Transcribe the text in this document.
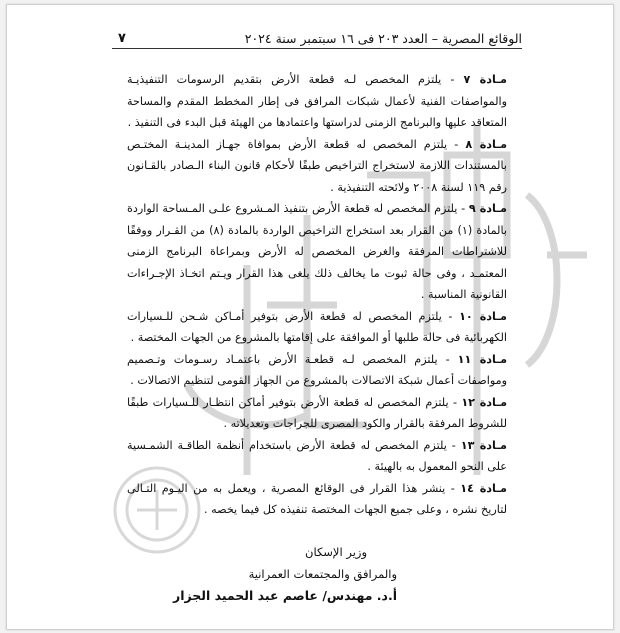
الوقائع المصرية – العدد ٢٠٣ فى ١٦ سبتمبر سنة ٢٠٢٤
٧

مـادة ٧ - يلتزم المخصص لـه قطعة الأرض بتقديم الرسومات التنفيذيـة والمواصفات الفنية لأعمال شبكات المرافق فى إطار المخطط المقدم والمساحة المتعاقد عليها والبرنامج الزمنى لدراستها واعتمادها من الهيئة قبل البدء فى التنفيذ .

مـادة ٨ - يلتزم المخصص له قطعة الأرض بموافاة جهـاز المدينـة المختـص بالمستندات اللازمة لاستخراج التراخيص طبقًا لأحكام قانون البناء الـصادر بالقـانون رقم ١١٩ لسنة ٢٠٠٨ ولائحته التنفيذية .

مـادة ٩ - يلتزم المخصص له قطعة الأرض بتنفيذ المـشروع علـى المـساحة الواردة بالمادة (١) من القرار بعد استخراج التراخيص الواردة بالمادة (٨) من القـرار ووفقًا للاشتراطات المرفقة والغرض المخصص له الأرض وبمراعاة البرنامج الزمنى المعتمـد ، وفى حالة ثبوت ما يخالف ذلك يلغى هذا القرار ويـتم اتخـاذ الإجـراءات القانونية المناسبة .

مـادة ١٠ - يلتزم المخصص له قطعة الأرض بتوفير أمـاكن شـحن للـسيارات الكهربائية فى حالة طلبها أو الموافقة على إقامتها بالمشروع من الجهات المختصة .

مـادة ١١ - يلتزم المخصص لـه قطعـة الأرض باعتمـاد رسـومات وتـصميم ومواصفات أعمال شبكة الاتصالات بالمشروع من الجهاز القومى لتنظيم الاتصالات .

مـادة ١٢ - يلتزم المخصص له قطعة الأرض بتوفير أماكن انتظـار للـسيارات طبقًا للشروط المرفقة بالقرار والكود المصرى للجراجات وتعديلاته .

مـادة ١٣ - يلتزم المخصص له قطعة الأرض باستخدام أنظمة الطاقـة الشمـسية على النحو المعمول به بالهيئة .

مـادة ١٤ - ينشر هذا القرار فى الوقائع المصرية ، ويعمل به من اليـوم التـالى لتاريخ نشره ، وعلى جميع الجهات المختصة تنفيذه كل فيما يخصه .

وزير الإسكان
والمرافق والمجتمعات العمرانية
أ.د. مهندس/ عاصم عبد الحميد الجزار
